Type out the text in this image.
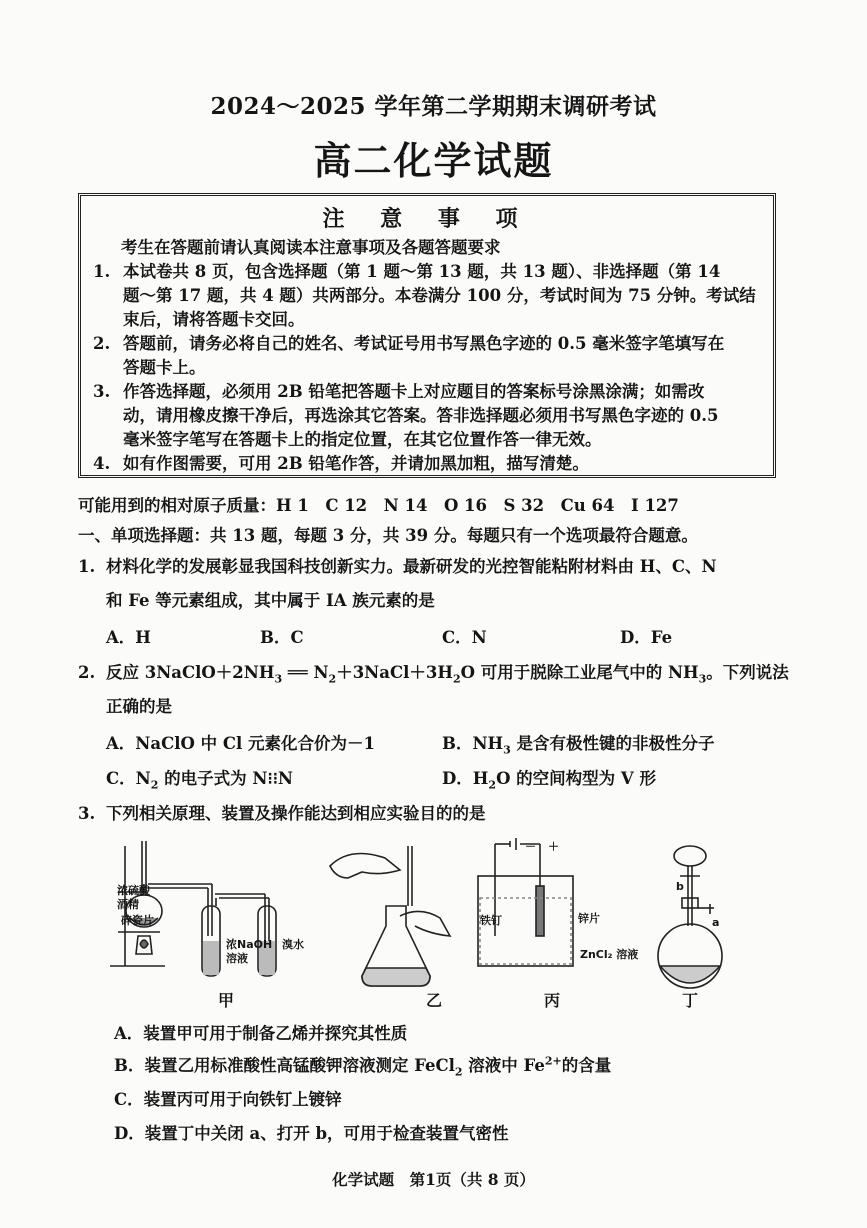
2024～2025 学年第二学期期末调研考试
高二化学试题
注 意 事 项
考生在答题前请认真阅读本注意事项及各题答题要求
1. 本试卷共 8 页，包含选择题（第 1 题～第 13 题，共 13 题）、非选择题（第 14
题～第 17 题，共 4 题）共两部分。本卷满分 100 分，考试时间为 75 分钟。考试结
束后，请将答题卡交回。
2. 答题前，请务必将自己的姓名、考试证号用书写黑色字迹的 0.5 毫米签字笔填写在
答题卡上。
3. 作答选择题，必须用 2B 铅笔把答题卡上对应题目的答案标号涂黑涂满；如需改
动，请用橡皮擦干净后，再选涂其它答案。答非选择题必须用书写黑色字迹的 0.5
毫米签字笔写在答题卡上的指定位置，在其它位置作答一律无效。
4. 如有作图需要，可用 2B 铅笔作答，并请加黑加粗，描写清楚。
可能用到的相对原子质量：H 1　C 12　N 14　O 16　S 32　Cu 64　I 127
一、单项选择题：共 13 题，每题 3 分，共 39 分。每题只有一个选项最符合题意。
1. 材料化学的发展彰显我国科技创新实力。最新研发的光控智能粘附材料由 H、C、N
和 Fe 等元素组成，其中属于 IA 族元素的是
A．H	B．C	C．N	D．Fe
2. 反应 $3NaClO+2NH_3$ ══ $N_2+3NaCl+3H_2O$ 可用于脱除工业尾气中的 $NH_3$。下列说法
正确的是
A．NaClO 中 Cl 元素化合价为－1	B．$NH_3$ 是含有极性键的非极性分子
C．$N_2$ 的电子式为 N⁝⁝N	D．$H_2O$ 的空间构型为 V 形
3. 下列相关原理、装置及操作能达到相应实验目的的是
浓硫酸
酒精
碎瓷片
浓NaOH
溶液
溴水
铁钉	锌片
ZnCl₂ 溶液
－ ＋
b
a
甲	乙	丙	丁
A．装置甲可用于制备乙烯并探究其性质
B．装置乙用标准酸性高锰酸钾溶液测定 FeCl$_2$ 溶液中 $Fe^{2+}$的含量
C．装置丙可用于向铁钉上镀锌
D．装置丁中关闭 a、打开 b，可用于检查装置气密性
化学试题　第1页（共 8 页）
